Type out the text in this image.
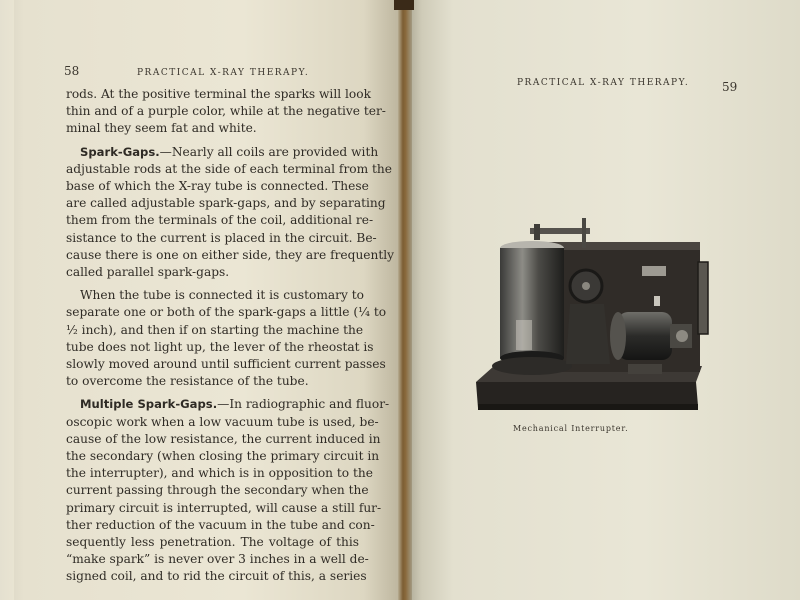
58	PRACTICAL X-RAY THERAPY.
rods. At the positive terminal the sparks will look
thin and of a purple color, while at the negative ter-
minal they seem fat and white.
Spark-Gaps.—Nearly all coils are provided with
adjustable rods at the side of each terminal from the
base of which the X-ray tube is connected. These
are called adjustable spark-gaps, and by separating
them from the terminals of the coil, additional re-
sistance to the current is placed in the circuit. Be-
cause there is one on either side, they are frequently
called parallel spark-gaps.
When the tube is connected it is customary to
separate one or both of the spark-gaps a little (¼ to
½ inch), and then if on starting the machine the
tube does not light up, the lever of the rheostat is
slowly moved around until sufficient current passes
to overcome the resistance of the tube.
Multiple Spark-Gaps.—In radiographic and fluor-
oscopic work when a low vacuum tube is used, be-
cause of the low resistance, the current induced in
the secondary (when closing the primary circuit in
the interrupter), and which is in opposition to the
current passing through the secondary when the
primary circuit is interrupted, will cause a still fur-
ther reduction of the vacuum in the tube and con-
sequently less penetration. The voltage of this
“make spark” is never over 3 inches in a well de-
signed coil, and to rid the circuit of this, a series
PRACTICAL X-RAY THERAPY.	59
Mechanical Interrupter.
